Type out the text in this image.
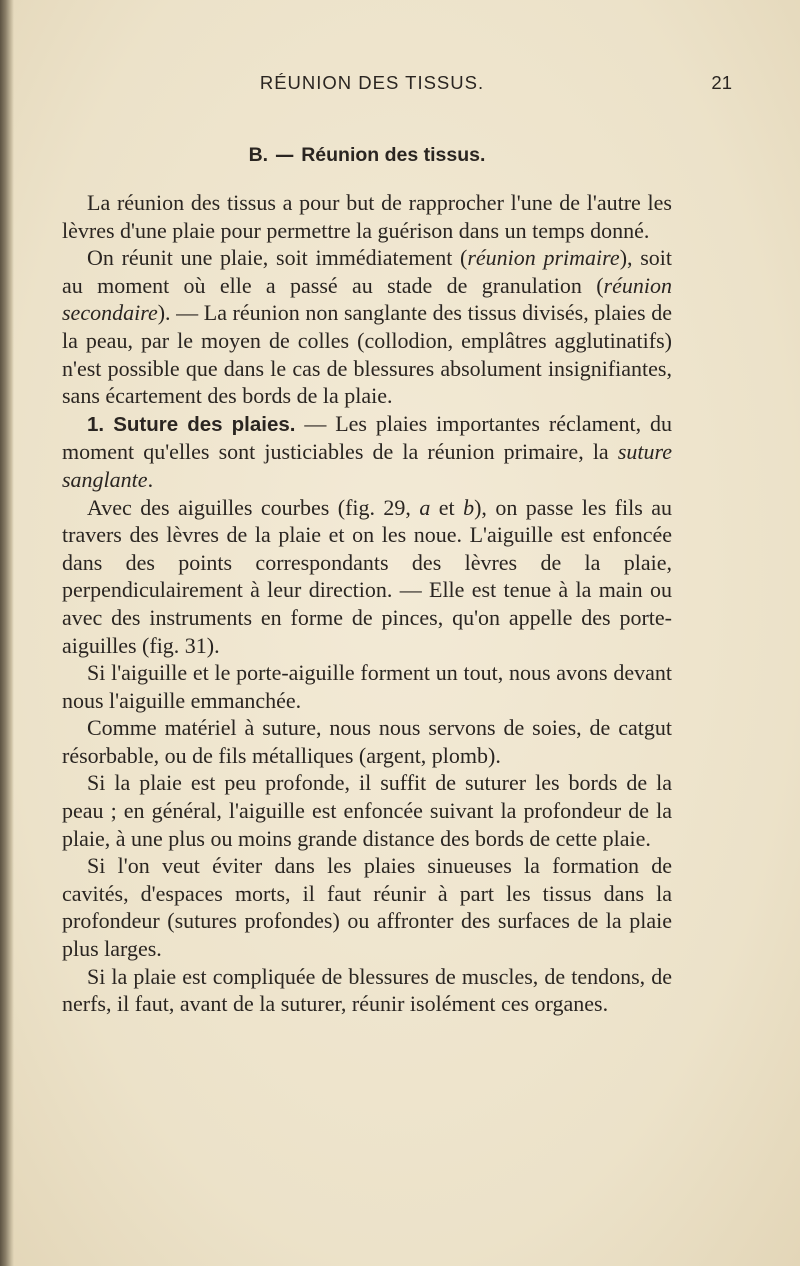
RÉUNION DES TISSUS.	21
B. — Réunion des tissus.

La réunion des tissus a pour but de rapprocher l'une de l'autre les lèvres d'une plaie pour permettre la guérison dans un temps donné.

On réunit une plaie, soit immédiatement (réunion primaire), soit au moment où elle a passé au stade de granulation (réunion secondaire). — La réunion non sanglante des tissus divisés, plaies de la peau, par le moyen de colles (collodion, emplâtres agglutinatifs) n'est possible que dans le cas de blessures absolument insignifiantes, sans écartement des bords de la plaie.

1. Suture des plaies. — Les plaies importantes réclament, du moment qu'elles sont justiciables de la réunion primaire, la suture sanglante.

Avec des aiguilles courbes (fig. 29, a et b), on passe les fils au travers des lèvres de la plaie et on les noue. L'aiguille est enfoncée dans des points correspondants des lèvres de la plaie, perpendiculairement à leur direction. — Elle est tenue à la main ou avec des instruments en forme de pinces, qu'on appelle des porte-aiguilles (fig. 31).

Si l'aiguille et le porte-aiguille forment un tout, nous avons devant nous l'aiguille emmanchée.

Comme matériel à suture, nous nous servons de soies, de catgut résorbable, ou de fils métalliques (argent, plomb).

Si la plaie est peu profonde, il suffit de suturer les bords de la peau ; en général, l'aiguille est enfoncée suivant la profondeur de la plaie, à une plus ou moins grande distance des bords de cette plaie.

Si l'on veut éviter dans les plaies sinueuses la formation de cavités, d'espaces morts, il faut réunir à part les tissus dans la profondeur (sutures profondes) ou affronter des surfaces de la plaie plus larges.

Si la plaie est compliquée de blessures de muscles, de tendons, de nerfs, il faut, avant de la suturer, réunir isolément ces organes.
